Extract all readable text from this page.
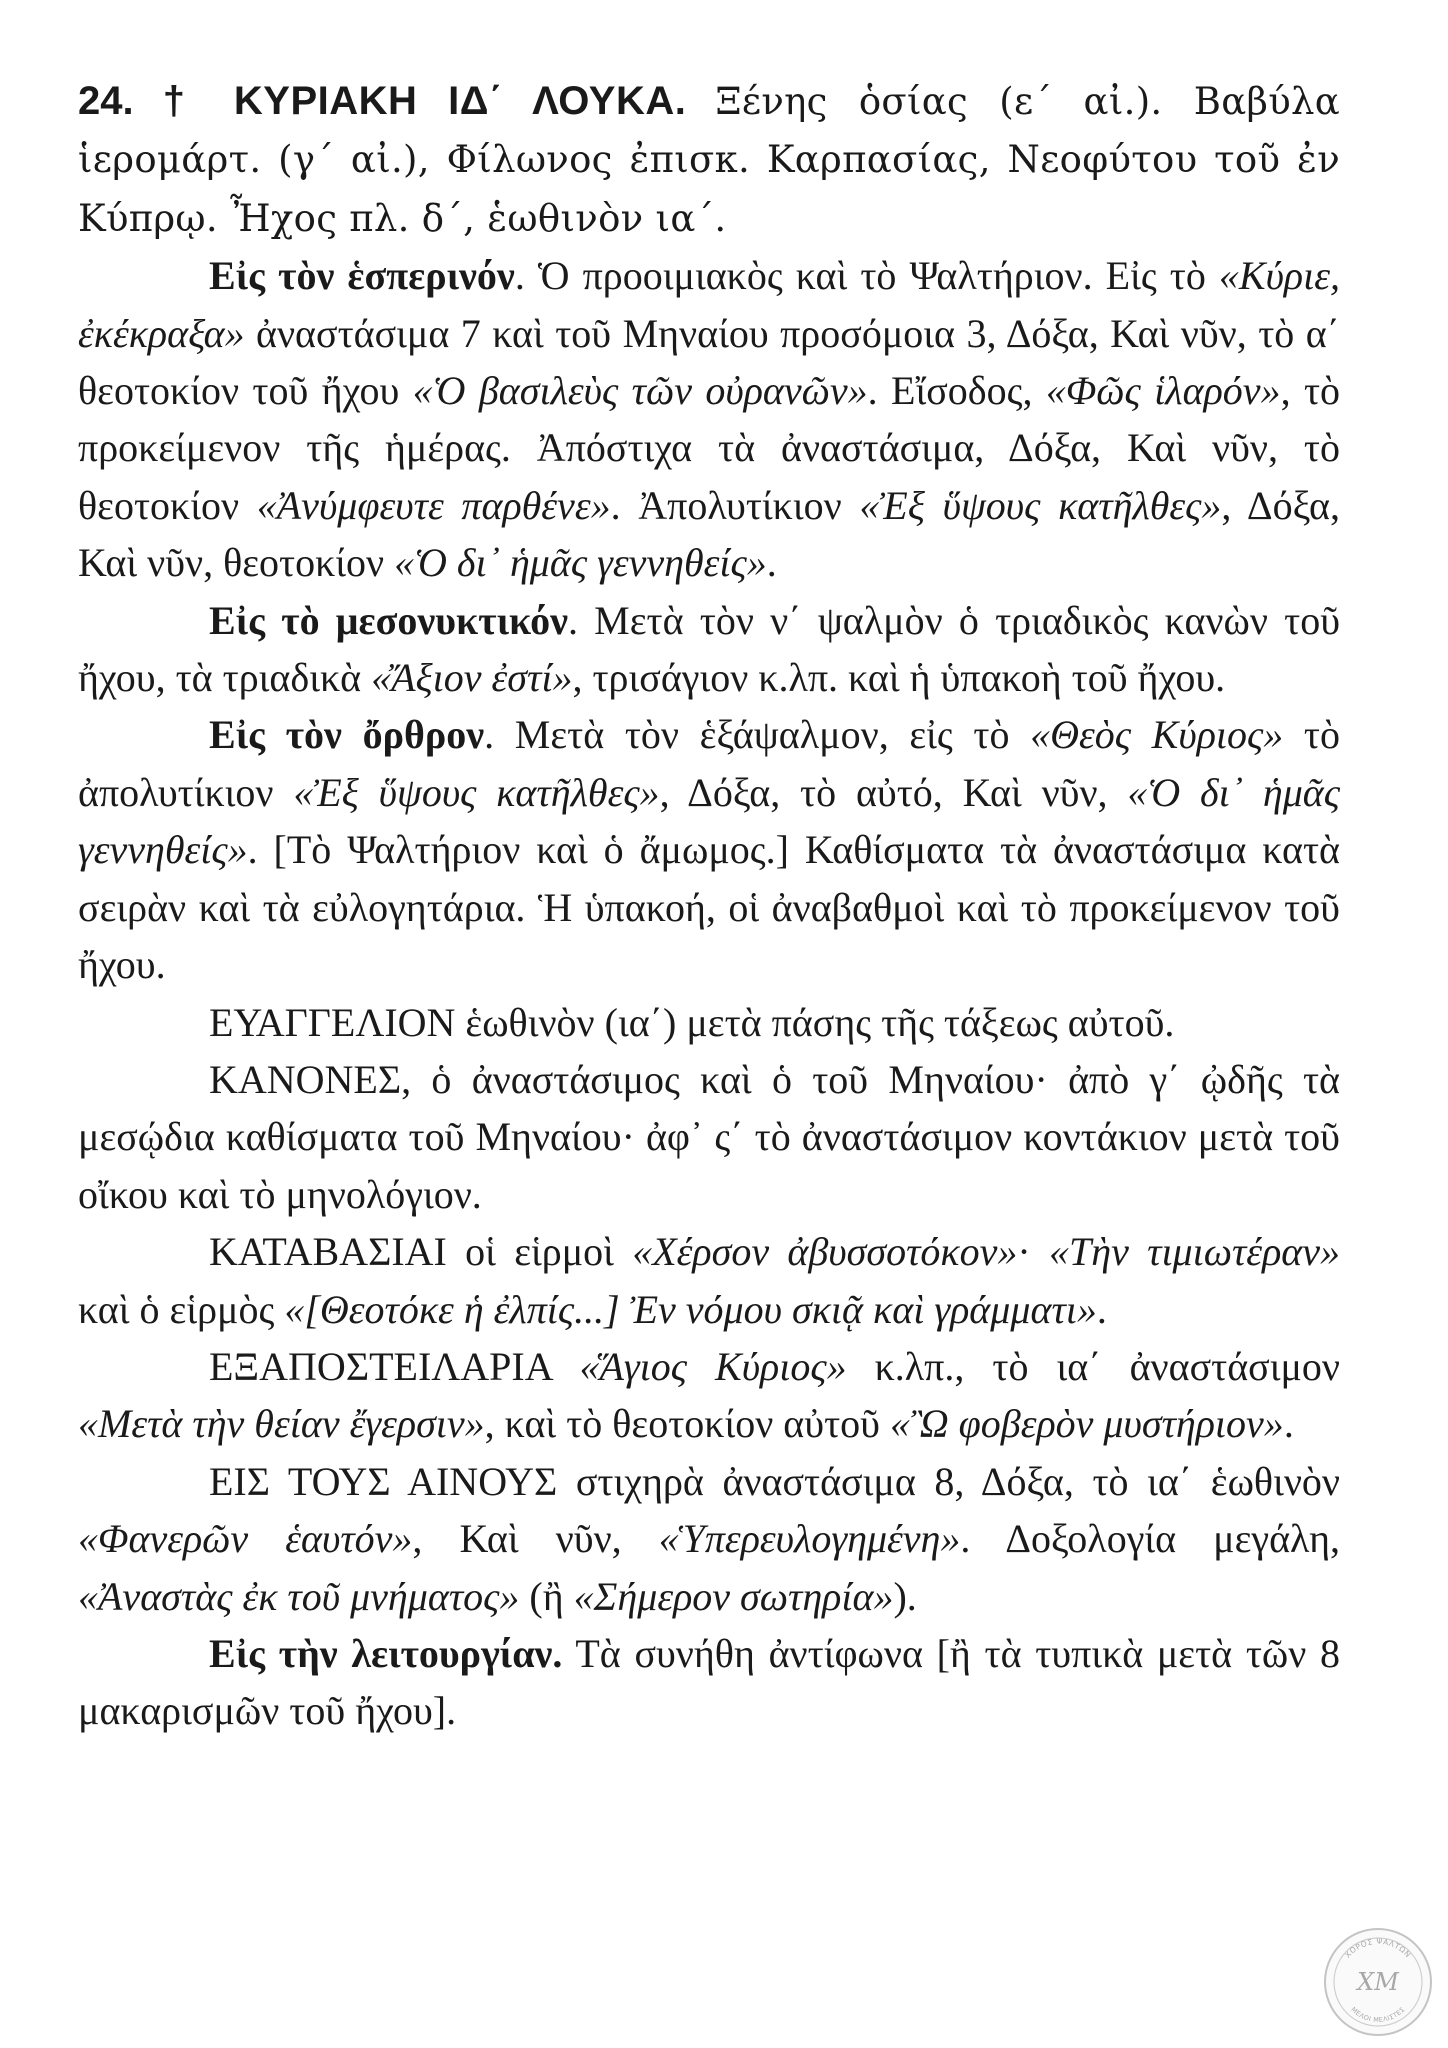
24. † ΚΥΡΙΑΚΗ ΙΔ΄ ΛΟΥΚΑ. Ξένης ὁσίας (ε΄ αἰ.). Βαβύλα ἱερομάρτ. (γ΄ αἰ.), Φίλωνος ἐπισκ. Καρπασίας, Νεοφύτου τοῦ ἐν Κύπρῳ. Ἦχος πλ. δ΄, ἑωθινὸν ια΄.

Εἰς τὸν ἑσπερινόν. Ὁ προοιμιακὸς καὶ τὸ Ψαλτήριον. Εἰς τὸ «Κύριε, ἐκέκραξα» ἀναστάσιμα 7 καὶ τοῦ Μηναίου προσόμοια 3, Δόξα, Καὶ νῦν, τὸ α΄ θεοτοκίον τοῦ ἤχου «Ὁ βασιλεὺς τῶν οὐρανῶν». Εἴσοδος, «Φῶς ἱλαρόν», τὸ προκείμενον τῆς ἡμέρας. Ἀπόστιχα τὰ ἀναστάσιμα, Δόξα, Καὶ νῦν, τὸ θεοτοκίον «Ἀνύμφευτε παρθένε». Ἀπολυτίκιον «Ἐξ ὕψους κατῆλθες», Δόξα, Καὶ νῦν, θεοτοκίον «Ὁ δι᾽ ἡμᾶς γεννηθείς».

Εἰς τὸ μεσονυκτικόν. Μετὰ τὸν ν΄ ψαλμὸν ὁ τριαδικὸς κανὼν τοῦ ἤχου, τὰ τριαδικὰ «Ἄξιον ἐστί», τρισάγιον κ.λπ. καὶ ἡ ὑπακοὴ τοῦ ἤχου.

Εἰς τὸν ὄρθρον. Μετὰ τὸν ἑξάψαλμον, εἰς τὸ «Θεὸς Κύριος» τὸ ἀπολυτίκιον «Ἐξ ὕψους κατῆλθες», Δόξα, τὸ αὐτό, Καὶ νῦν, «Ὁ δι᾽ ἡμᾶς γεννηθείς». [Τὸ Ψαλτήριον καὶ ὁ ἄμωμος.] Καθίσματα τὰ ἀναστάσιμα κατὰ σειρὰν καὶ τὰ εὐλογητάρια. Ἡ ὑπακοή, οἱ ἀναβαθμοὶ καὶ τὸ προκείμενον τοῦ ἤχου.

ΕΥΑΓΓΕΛΙΟΝ ἑωθινὸν (ια΄) μετὰ πάσης τῆς τάξεως αὐτοῦ.

ΚΑΝΟΝΕΣ, ὁ ἀναστάσιμος καὶ ὁ τοῦ Μηναίου· ἀπὸ γ΄ ᾠδῆς τὰ μεσῴδια καθίσματα τοῦ Μηναίου· ἀφ᾽ ς΄ τὸ ἀναστάσιμον κοντάκιον μετὰ τοῦ οἴκου καὶ τὸ μηνολόγιον.

ΚΑΤΑΒΑΣΙΑΙ οἱ εἱρμοὶ «Χέρσον ἀβυσσοτόκον»· «Τὴν τιμιωτέραν» καὶ ὁ εἱρμὸς «[Θεοτόκε ἡ ἐλπίς...] Ἐν νόμου σκιᾷ καὶ γράμματι».

ΕΞΑΠΟΣΤΕΙΛΑΡΙΑ «Ἅγιος Κύριος» κ.λπ., τὸ ια΄ ἀναστάσιμον «Μετὰ τὴν θείαν ἔγερσιν», καὶ τὸ θεοτοκίον αὐτοῦ «Ὢ φοβερὸν μυστήριον».

ΕΙΣ ΤΟΥΣ ΑΙΝΟΥΣ στιχηρὰ ἀναστάσιμα 8, Δόξα, τὸ ια΄ ἑωθινὸν «Φανερῶν ἑαυτόν», Καὶ νῦν, «Ὑπερευλογημένη». Δοξολογία μεγάλη, «Ἀναστὰς ἐκ τοῦ μνήματος» (ἢ «Σήμερον σωτηρία»).

Εἰς τὴν λειτουργίαν. Τὰ συνήθη ἀντίφωνα [ἢ τὰ τυπικὰ μετὰ τῶν 8 μακαρισμῶν τοῦ ἤχου].

ΧΟΡΟΣ ΨΑΛΤΩΝ
ΧΜ
ΜΕΛΟΙ ΜΕΛΙΣΤΕΣ
